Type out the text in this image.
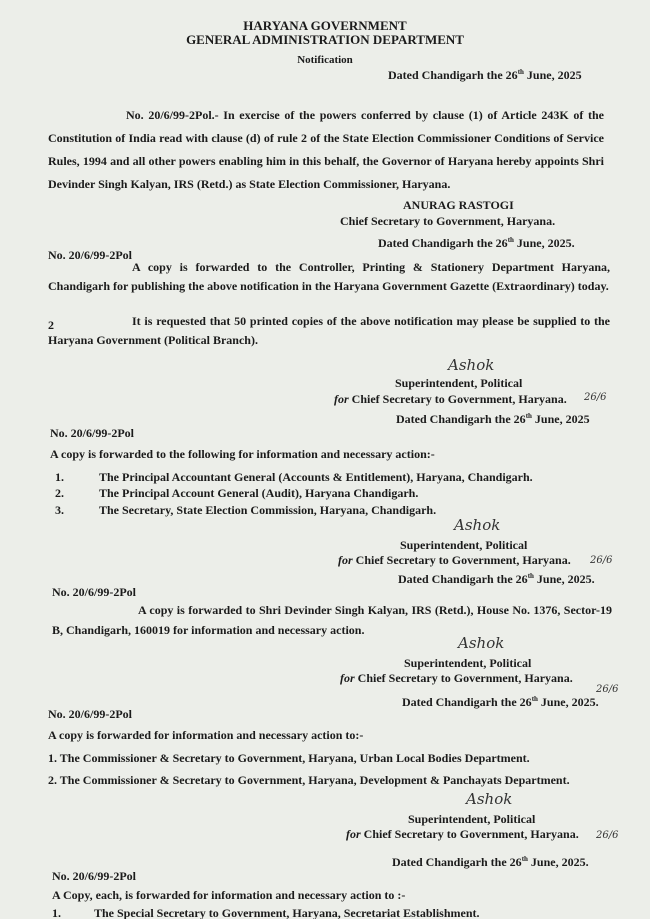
HARYANA GOVERNMENT
GENERAL ADMINISTRATION DEPARTMENT
Notification
Dated Chandigarh the 26th June, 2025
No. 20/6/99-2Pol.- In exercise of the powers conferred by clause (1) of Article 243K of the Constitution of India read with clause (d) of rule 2 of the State Election Commissioner Conditions of Service Rules, 1994 and all other powers enabling him in this behalf, the Governor of Haryana hereby appoints Shri Devinder Singh Kalyan, IRS (Retd.) as State Election Commissioner, Haryana.
ANURAG RASTOGI
Chief Secretary to Government, Haryana.
No. 20/6/99-2Pol
Dated Chandigarh the 26th June, 2025.
A copy is forwarded to the Controller, Printing & Stationery Department Haryana, Chandigarh for publishing the above notification in the Haryana Government Gazette (Extraordinary) today.
2	It is requested that 50 printed copies of the above notification may please be supplied to the Haryana Government (Political Branch).
Ashok
Superintendent, Political
for Chief Secretary to Government, Haryana. 26/6
No. 20/6/99-2Pol
Dated Chandigarh the 26th June, 2025
A copy is forwarded to the following for information and necessary action:-
1.	The Principal Accountant General (Accounts & Entitlement), Haryana, Chandigarh.
2.	The Principal Account General (Audit), Haryana Chandigarh.
3.	The Secretary, State Election Commission, Haryana, Chandigarh.
Ashok
Superintendent, Political
for Chief Secretary to Government, Haryana. 26/6
No. 20/6/99-2Pol
Dated Chandigarh the 26th June, 2025.
A copy is forwarded to Shri Devinder Singh Kalyan, IRS (Retd.), House No. 1376, Sector-19 B, Chandigarh, 160019 for information and necessary action.
Ashok
Superintendent, Political
for Chief Secretary to Government, Haryana.
26/6
No. 20/6/99-2Pol
Dated Chandigarh the 26th June, 2025.
A copy is forwarded for information and necessary action to:-
1. The Commissioner & Secretary to Government, Haryana, Urban Local Bodies Department.
2. The Commissioner & Secretary to Government, Haryana, Development & Panchayats Department.
Ashok
Superintendent, Political
for Chief Secretary to Government, Haryana. 26/6
No. 20/6/99-2Pol
Dated Chandigarh the 26th June, 2025.
A Copy, each, is forwarded for information and necessary action to :-
1.	The Special Secretary to Government, Haryana, Secretariat Establishment.
